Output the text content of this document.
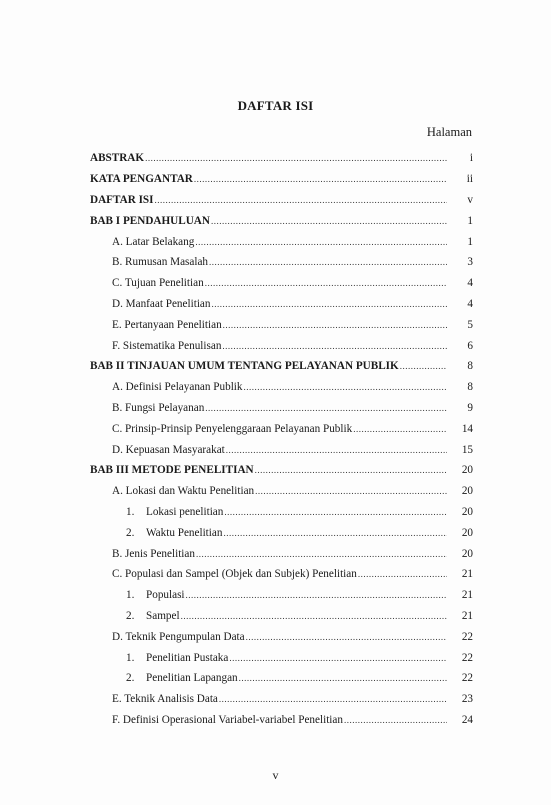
DAFTAR ISI
Halaman
ABSTRAK .....	i
KATA PENGANTAR .....	ii
DAFTAR ISI .....	v
BAB I PENDAHULUAN .....	1
A. Latar Belakang .....	1
B. Rumusan Masalah .....	3
C. Tujuan Penelitian .....	4
D. Manfaat Penelitian .....	4
E. Pertanyaan Penelitian .....	5
F. Sistematika Penulisan .....	6
BAB II TINJAUAN UMUM TENTANG PELAYANAN PUBLIK .....	8
A. Definisi Pelayanan Publik .....	8
B. Fungsi Pelayanan .....	9
C. Prinsip-Prinsip Penyelenggaraan Pelayanan Publik .....	14
D. Kepuasan Masyarakat .....	15
BAB III METODE PENELITIAN .....	20
A. Lokasi dan Waktu Penelitian .....	20
1.	Lokasi penelitian .....	20
2.	Waktu Penelitian .....	20
B. Jenis Penelitian .....	20
C. Populasi dan Sampel (Objek dan Subjek) Penelitian .....	21
1.	Populasi .....	21
2.	Sampel .....	21
D. Teknik Pengumpulan Data .....	22
1.	Penelitian Pustaka .....	22
2.	Penelitian Lapangan .....	22
E. Teknik Analisis Data .....	23
F. Definisi Operasional Variabel-variabel Penelitian .....	24
v
